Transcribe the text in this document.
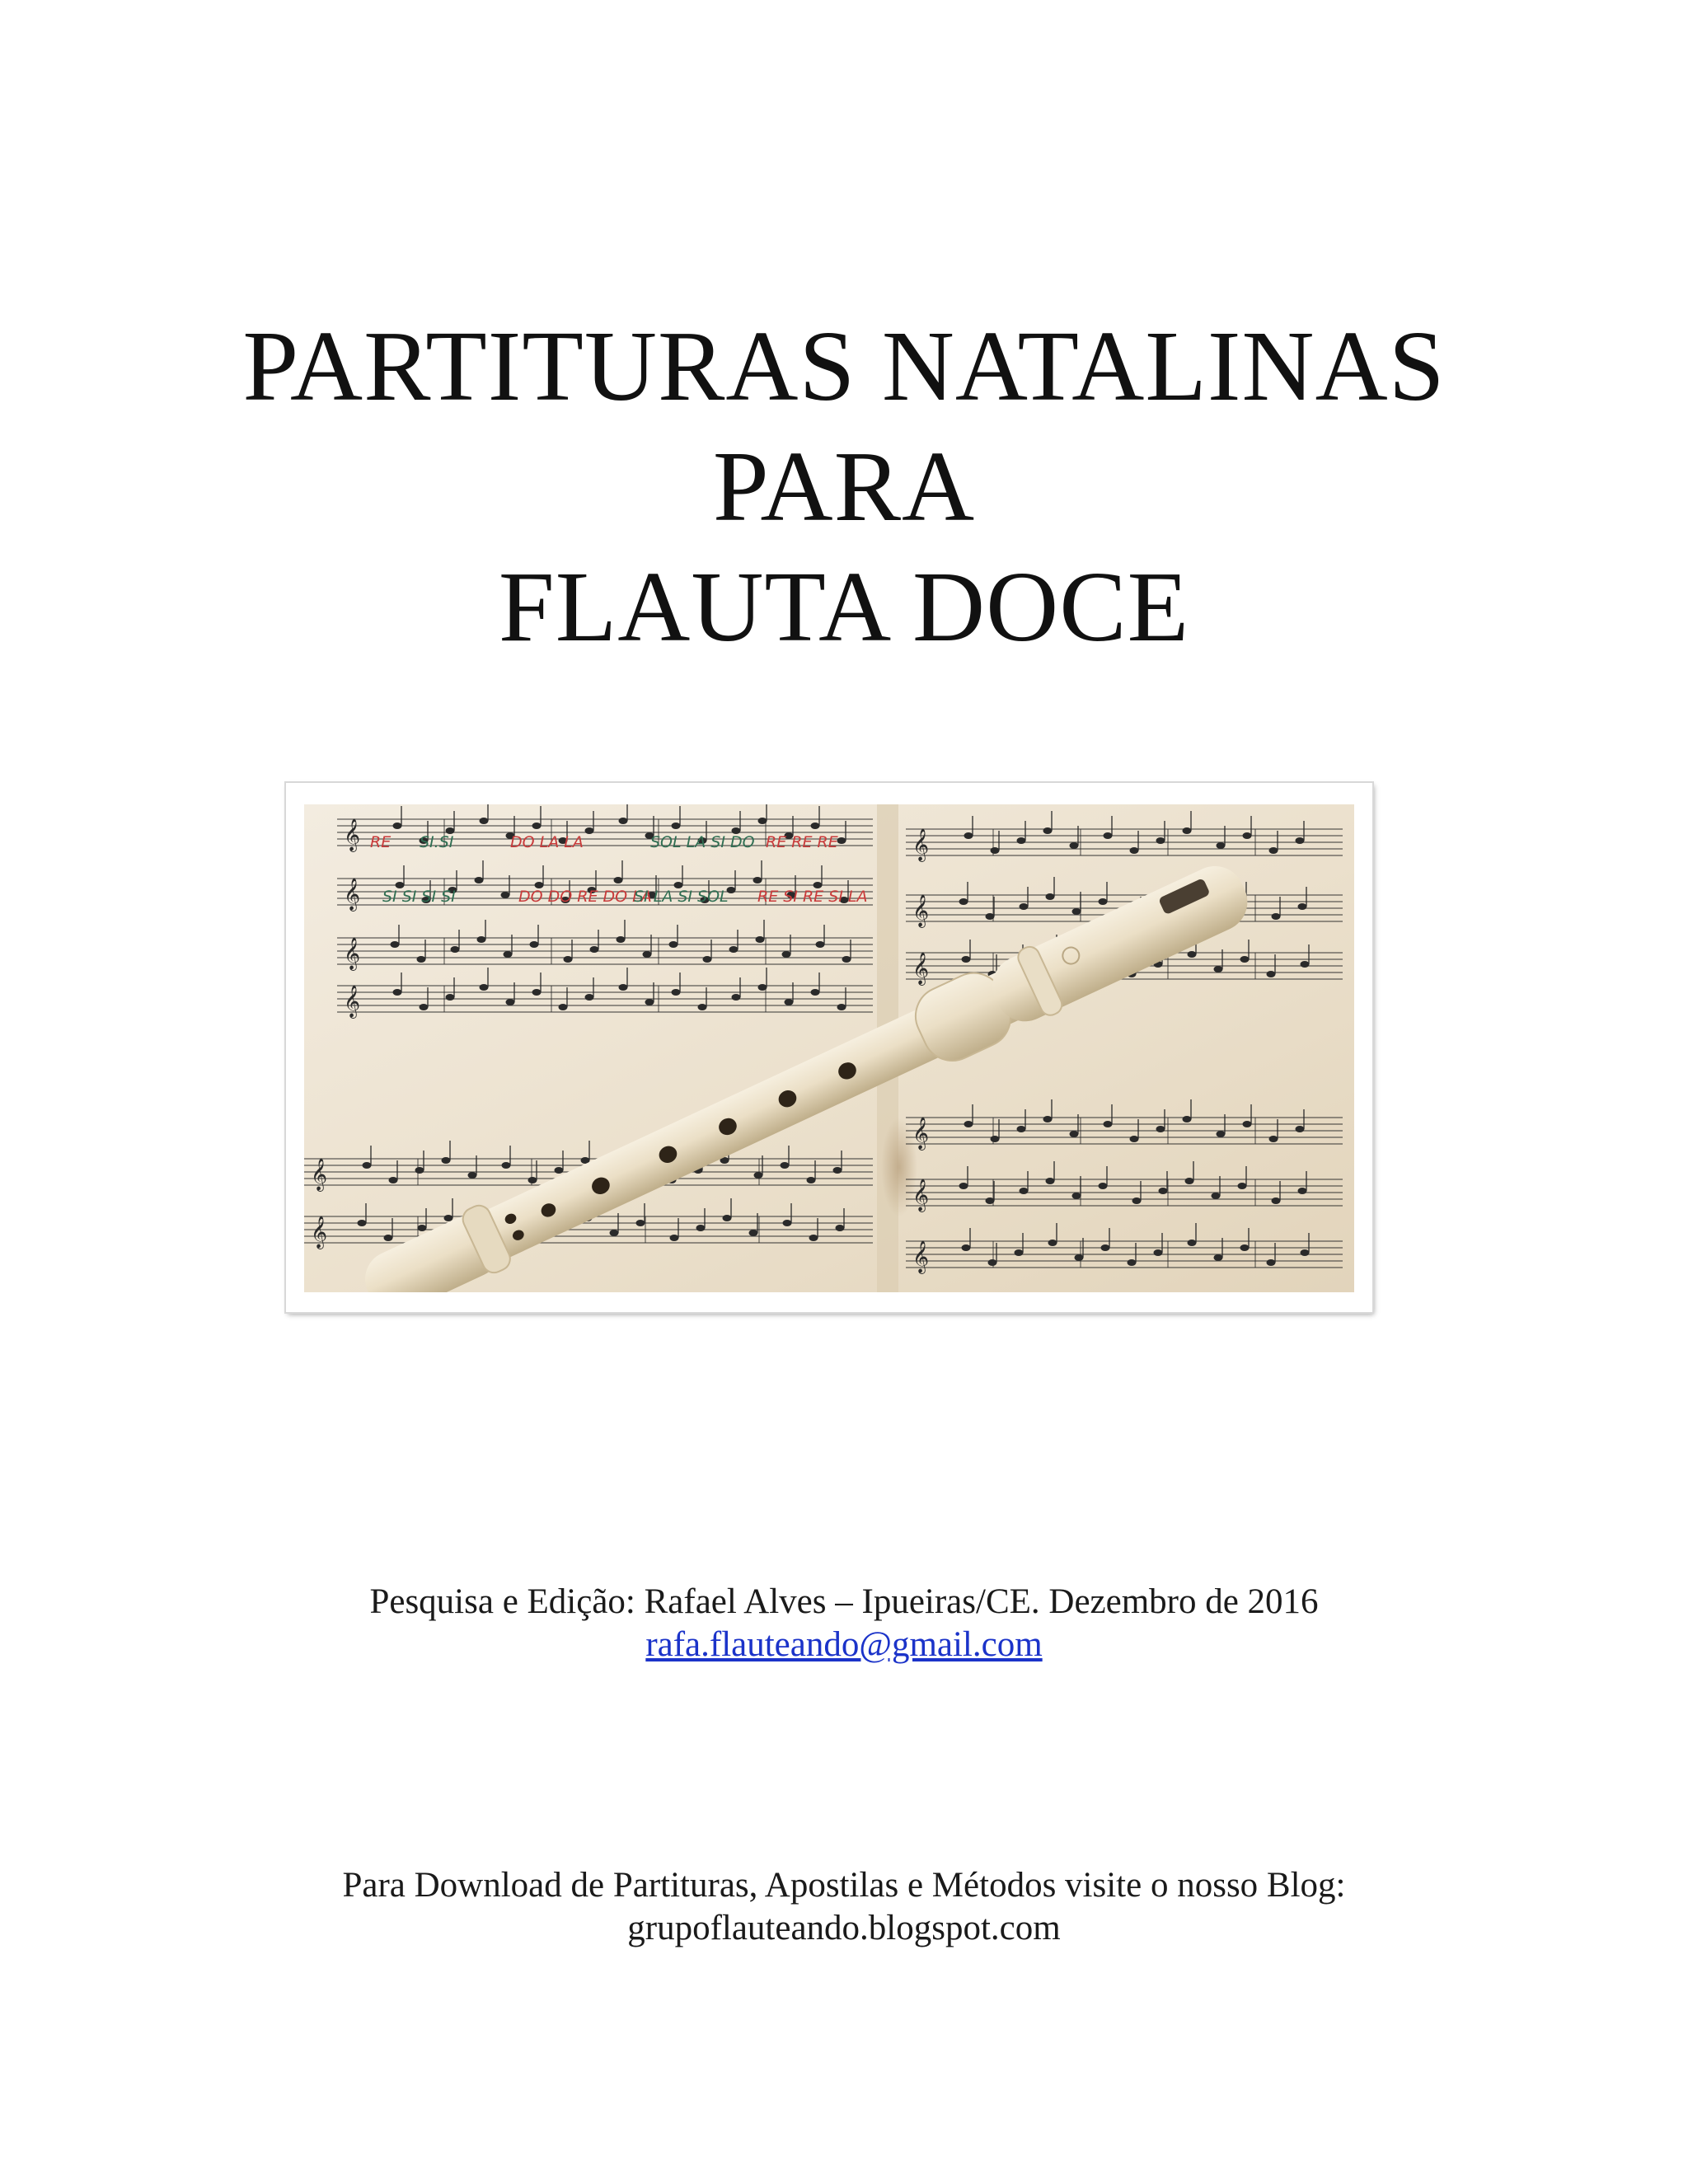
PARTITURAS NATALINAS
PARA
FLAUTA DOCE
𝄞
𝄞
𝄞
𝄞
𝄞
𝄞
𝄞
𝄞
𝄞
𝄞
𝄞
𝄞
RE SI.SI	DO LA LA	SOL LA SI DO RE RE RE
SI SI SI SI	DO DO RE DO LA
SI LA SI SOL RE SI RE SI LA
Pesquisa e Edição: Rafael Alves – Ipueiras/CE. Dezembro de 2016
rafa.flauteando@gmail.com
Para Download de Partituras, Apostilas e Métodos visite o nosso Blog:
grupoflauteando.blogspot.com
